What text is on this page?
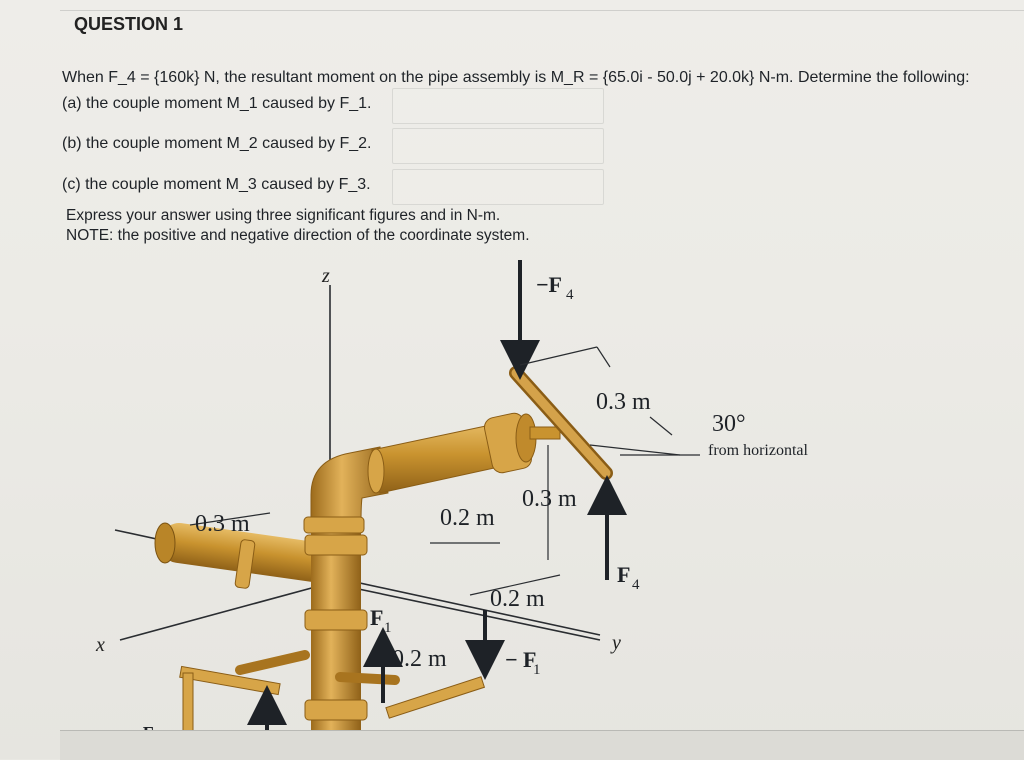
QUESTION 1
When F_4 = {160k} N, the resultant moment on the pipe assembly is M_R = {65.0i - 50.0j + 20.0k} N-m. Determine the following:
(a) the couple moment M_1 caused by F_1.
(b) the couple moment M_2 caused by F_2.
(c) the couple moment M_3 caused by F_3.
Express your answer using three significant figures and in N-m.
NOTE: the positive and negative direction of the coordinate system.
z
x	y
−F 4
F 4
F 1
− F
1
0.3 m
0.3 m
0.3 m	0.2 m
0.2 m
0.2 m
30°
from horizontal
